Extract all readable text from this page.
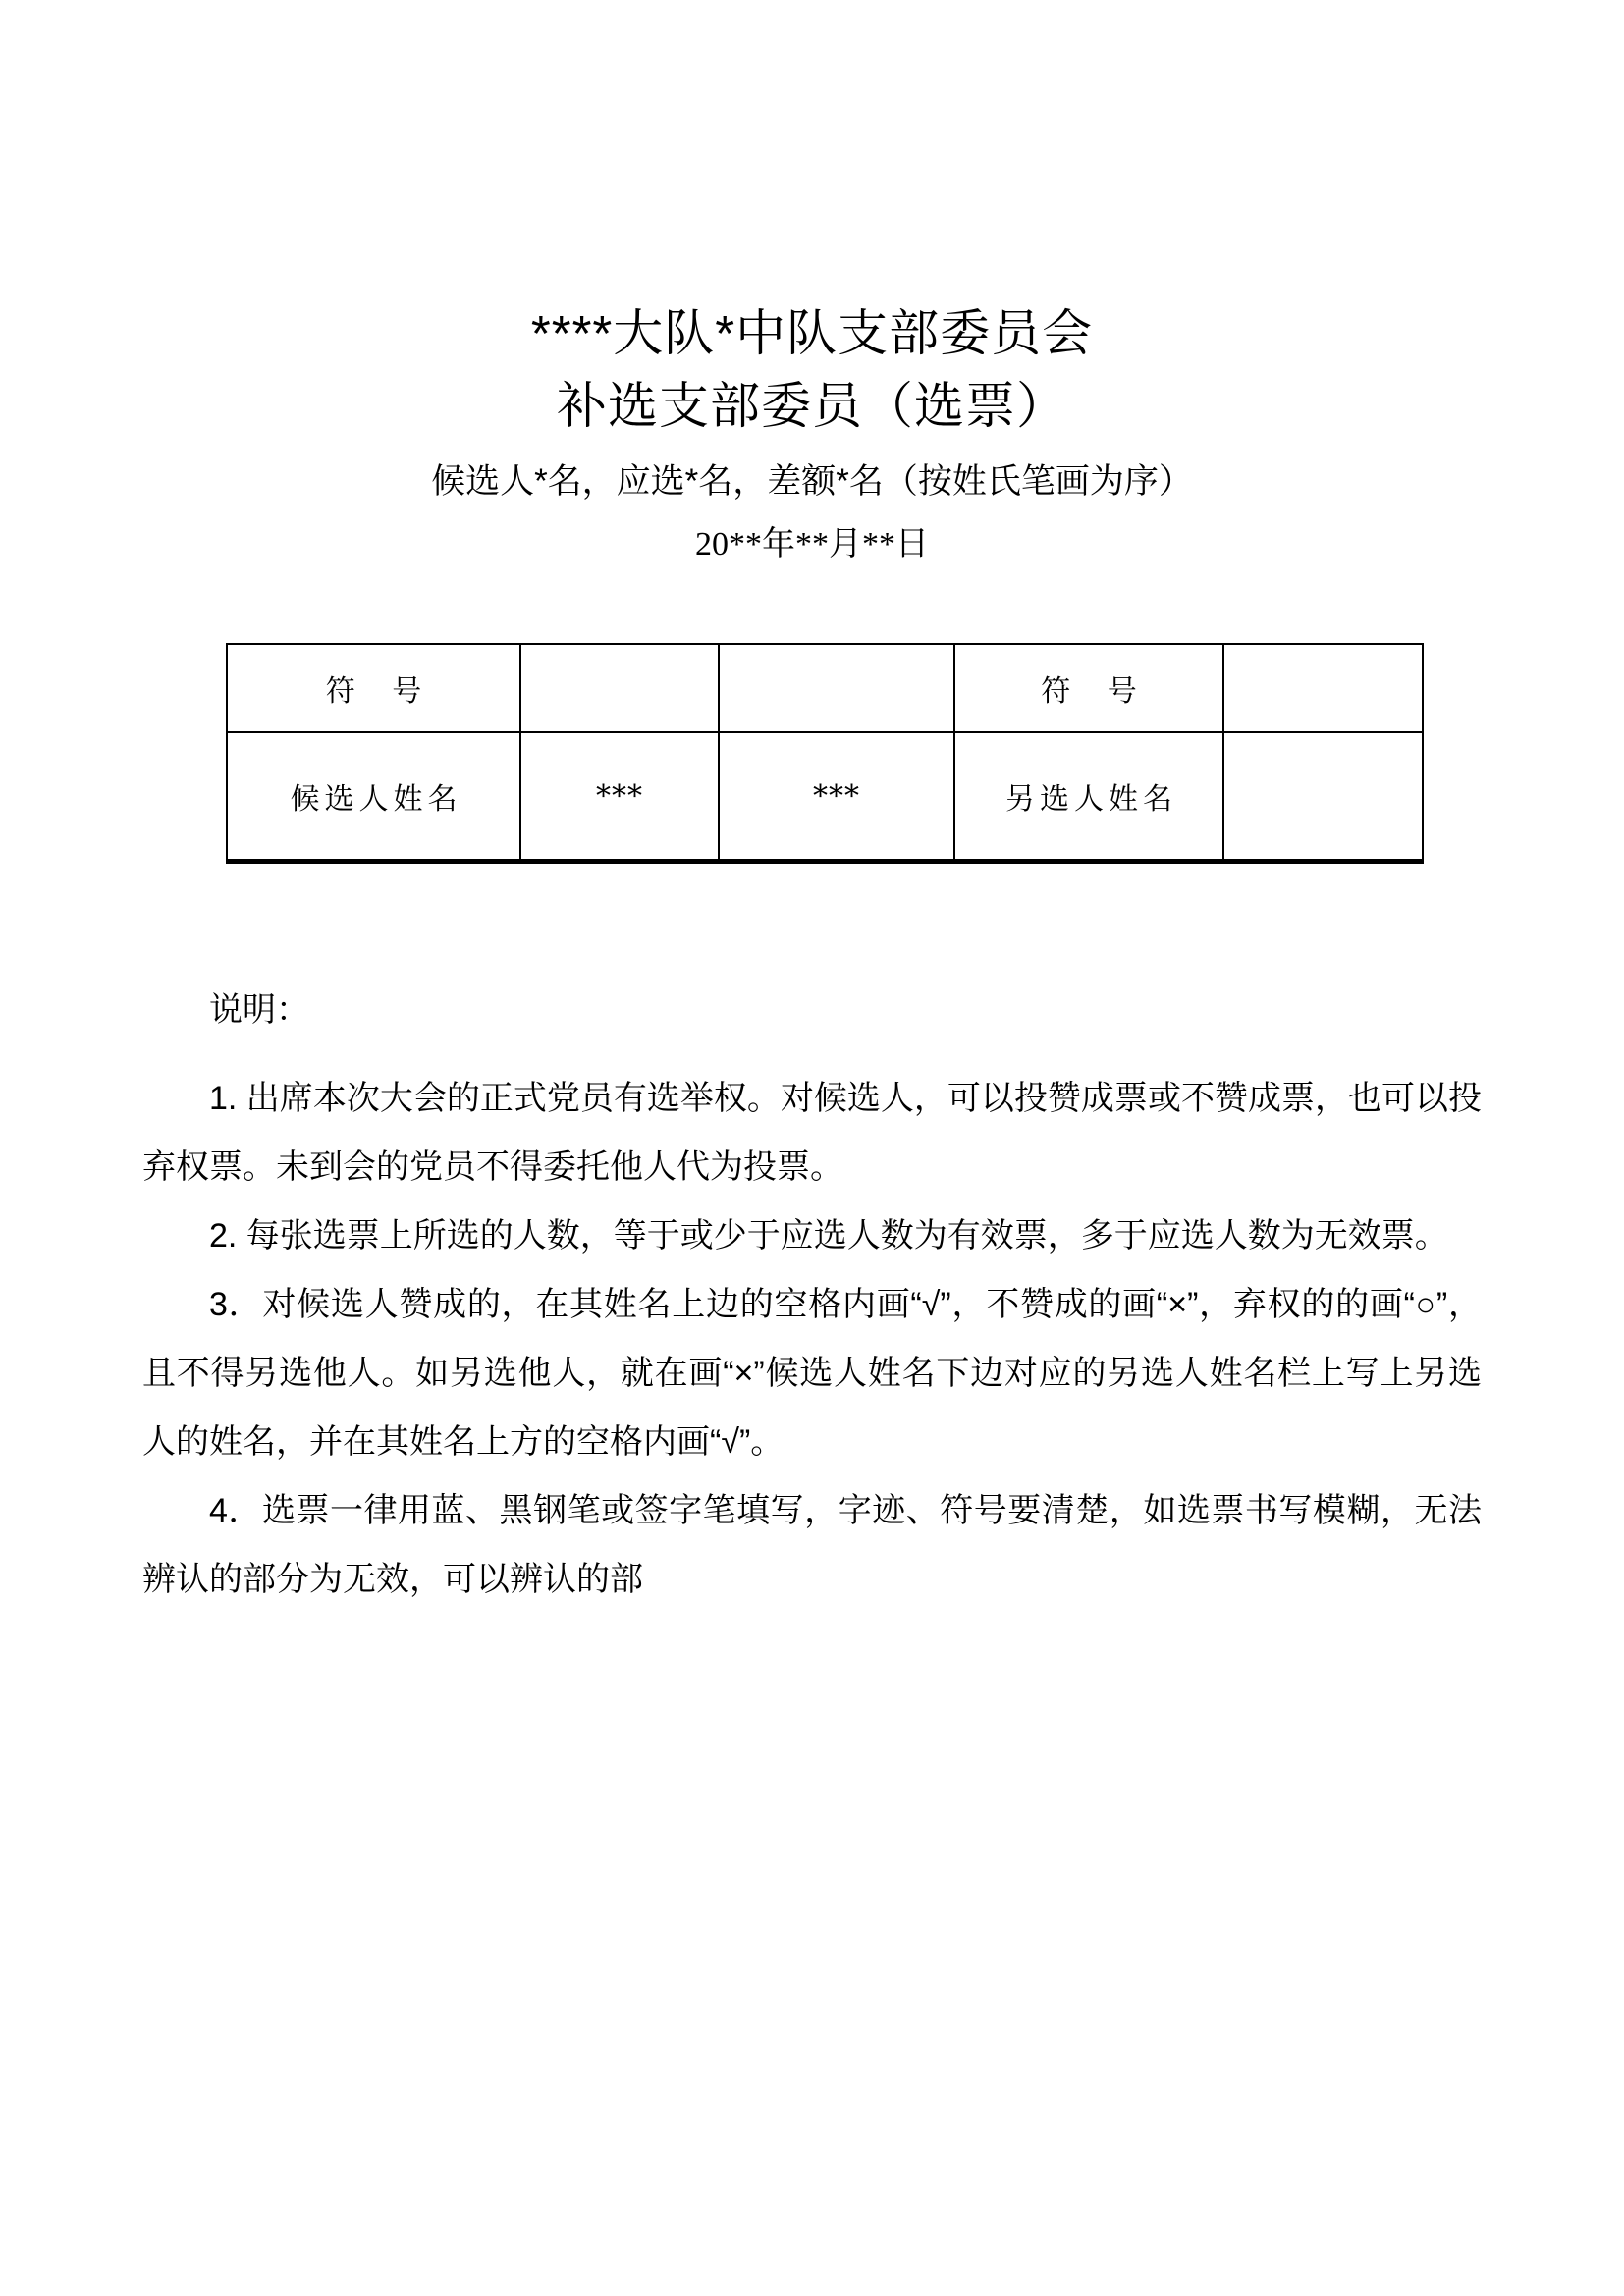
****大队*中队支部委员会
补选支部委员（选票）
候选人*名，应选*名，差额*名（按姓氏笔画为序）
20**年**月**日
符 号			符 号	
候选人姓名	***	***	另选人姓名	

说明：

1. 出席本次大会的正式党员有选举权。对候选人，可以投赞成票或不赞成票，也可以投弃权票。未到会的党员不得委托他人代为投票。

2. 每张选票上所选的人数，等于或少于应选人数为有效票，多于应选人数为无效票。

3．对候选人赞成的，在其姓名上边的空格内画“√”，不赞成的画“×”，弃权的的画“○”，且不得另选他人。如另选他人，就在画“×”候选人姓名下边对应的另选人姓名栏上写上另选人的姓名，并在其姓名上方的空格内画“√”。

4．选票一律用蓝、黑钢笔或签字笔填写，字迹、符号要清楚，如选票书写模糊，无法辨认的部分为无效，可以辨认的部
